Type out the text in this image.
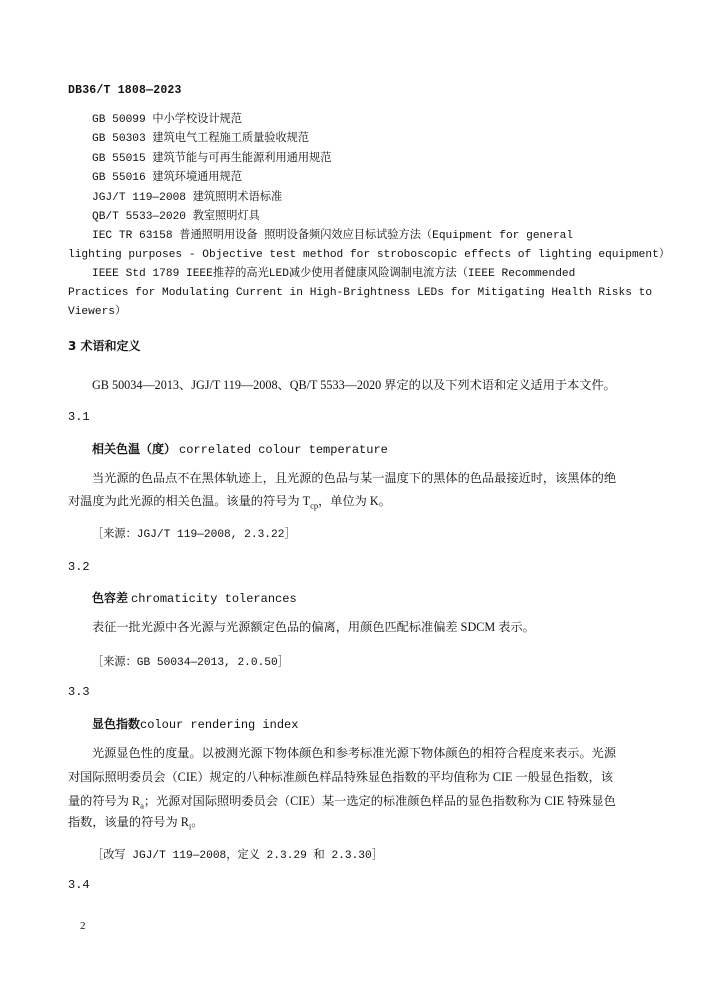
DB36/T 1808—2023
GB 50099 中小学校设计规范
GB 50303 建筑电气工程施工质量验收规范
GB 55015 建筑节能与可再生能源利用通用规范
GB 55016 建筑环境通用规范
JGJ/T 119—2008 建筑照明术语标准
QB/T 5533—2020 教室照明灯具
IEC TR 63158 普通照明用设备 照明设备频闪效应目标试验方法（Equipment for general
lighting purposes - Objective test method for stroboscopic effects of lighting equipment）
IEEE Std 1789 IEEE推荐的高光LED减少使用者健康风险调制电流方法（IEEE Recommended
Practices for Modulating Current in High-Brightness LEDs for Mitigating Health Risks to
Viewers）
3 术语和定义
GB 50034—2013、JGJ/T 119—2008、QB/T 5533—2020 界定的以及下列术语和定义适用于本文件。
3.1
相关色温（度） correlated colour temperature
当光源的色品点不在黑体轨迹上，且光源的色品与某一温度下的黑体的色品最接近时，该黑体的绝
对温度为此光源的相关色温。该量的符号为 $T_{cp}$，单位为 K。
［来源：JGJ/T 119—2008, 2.3.22］
3.2
色容差 chromaticity tolerances
表征一批光源中各光源与光源额定色品的偏离，用颜色匹配标准偏差 SDCM 表示。
［来源：GB 50034—2013, 2.0.50］
3.3
显色指数colour rendering index
光源显色性的度量。以被测光源下物体颜色和参考标准光源下物体颜色的相符合程度来表示。光源
对国际照明委员会（CIE）规定的八种标准颜色样品特殊显色指数的平均值称为 CIE 一般显色指数，该
量的符号为 $R_a$；光源对国际照明委员会（CIE）某一选定的标准颜色样品的显色指数称为 CIE 特殊显色
指数，该量的符号为 $R_i$。
［改写 JGJ/T 119—2008，定义 2.3.29 和 2.3.30］
3.4
2
